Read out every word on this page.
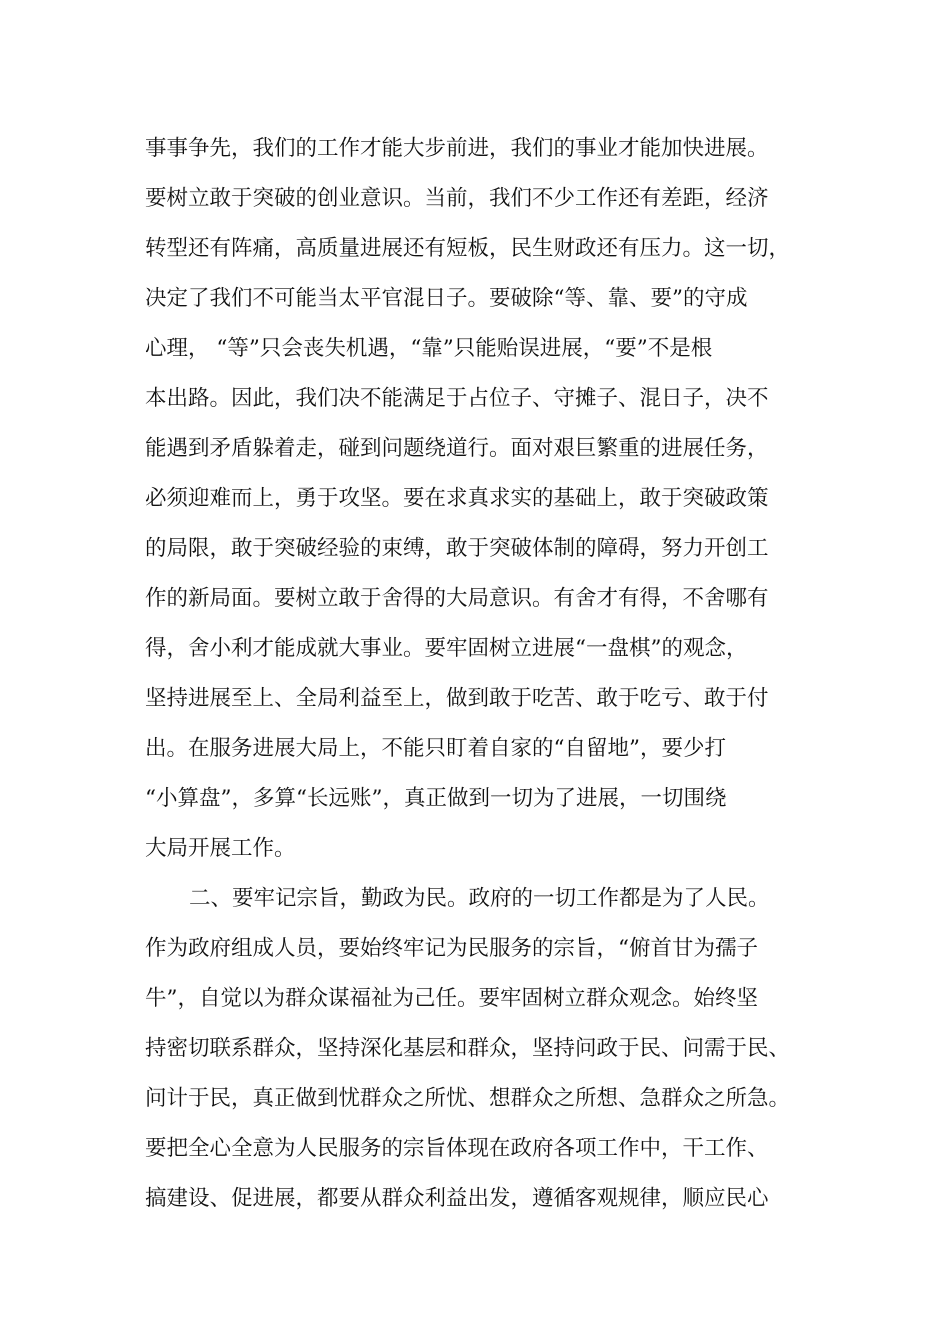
事事争先，我们的工作才能大步前进，我们的事业才能加快进展。
要树立敢于突破的创业意识。当前，我们不少工作还有差距，经济
转型还有阵痛，高质量进展还有短板，民生财政还有压力。这一切，
决定了我们不可能当太平官混日子。要破除“等、靠、要”的守成
心理， “等”只会丧失机遇，“靠”只能贻误进展，“要”不是根
本出路。因此，我们决不能满足于占位子、守摊子、混日子，决不
能遇到矛盾躲着走，碰到问题绕道行。面对艰巨繁重的进展任务，
必须迎难而上，勇于攻坚。要在求真求实的基础上，敢于突破政策
的局限，敢于突破经验的束缚，敢于突破体制的障碍，努力开创工
作的新局面。要树立敢于舍得的大局意识。有舍才有得，不舍哪有
得，舍小利才能成就大事业。要牢固树立进展“一盘棋”的观念，
坚持进展至上、全局利益至上，做到敢于吃苦、敢于吃亏、敢于付
出。在服务进展大局上，不能只盯着自家的“自留地”，要少打
“小算盘”，多算“长远账”，真正做到一切为了进展，一切围绕
大局开展工作。
二、要牢记宗旨，勤政为民。政府的一切工作都是为了人民。
作为政府组成人员，要始终牢记为民服务的宗旨，“俯首甘为孺子
牛”，自觉以为群众谋福祉为己任。要牢固树立群众观念。始终坚
持密切联系群众，坚持深化基层和群众，坚持问政于民、问需于民、
问计于民，真正做到忧群众之所忧、想群众之所想、急群众之所急。
要把全心全意为人民服务的宗旨体现在政府各项工作中，干工作、
搞建设、促进展，都要从群众利益出发，遵循客观规律，顺应民心
